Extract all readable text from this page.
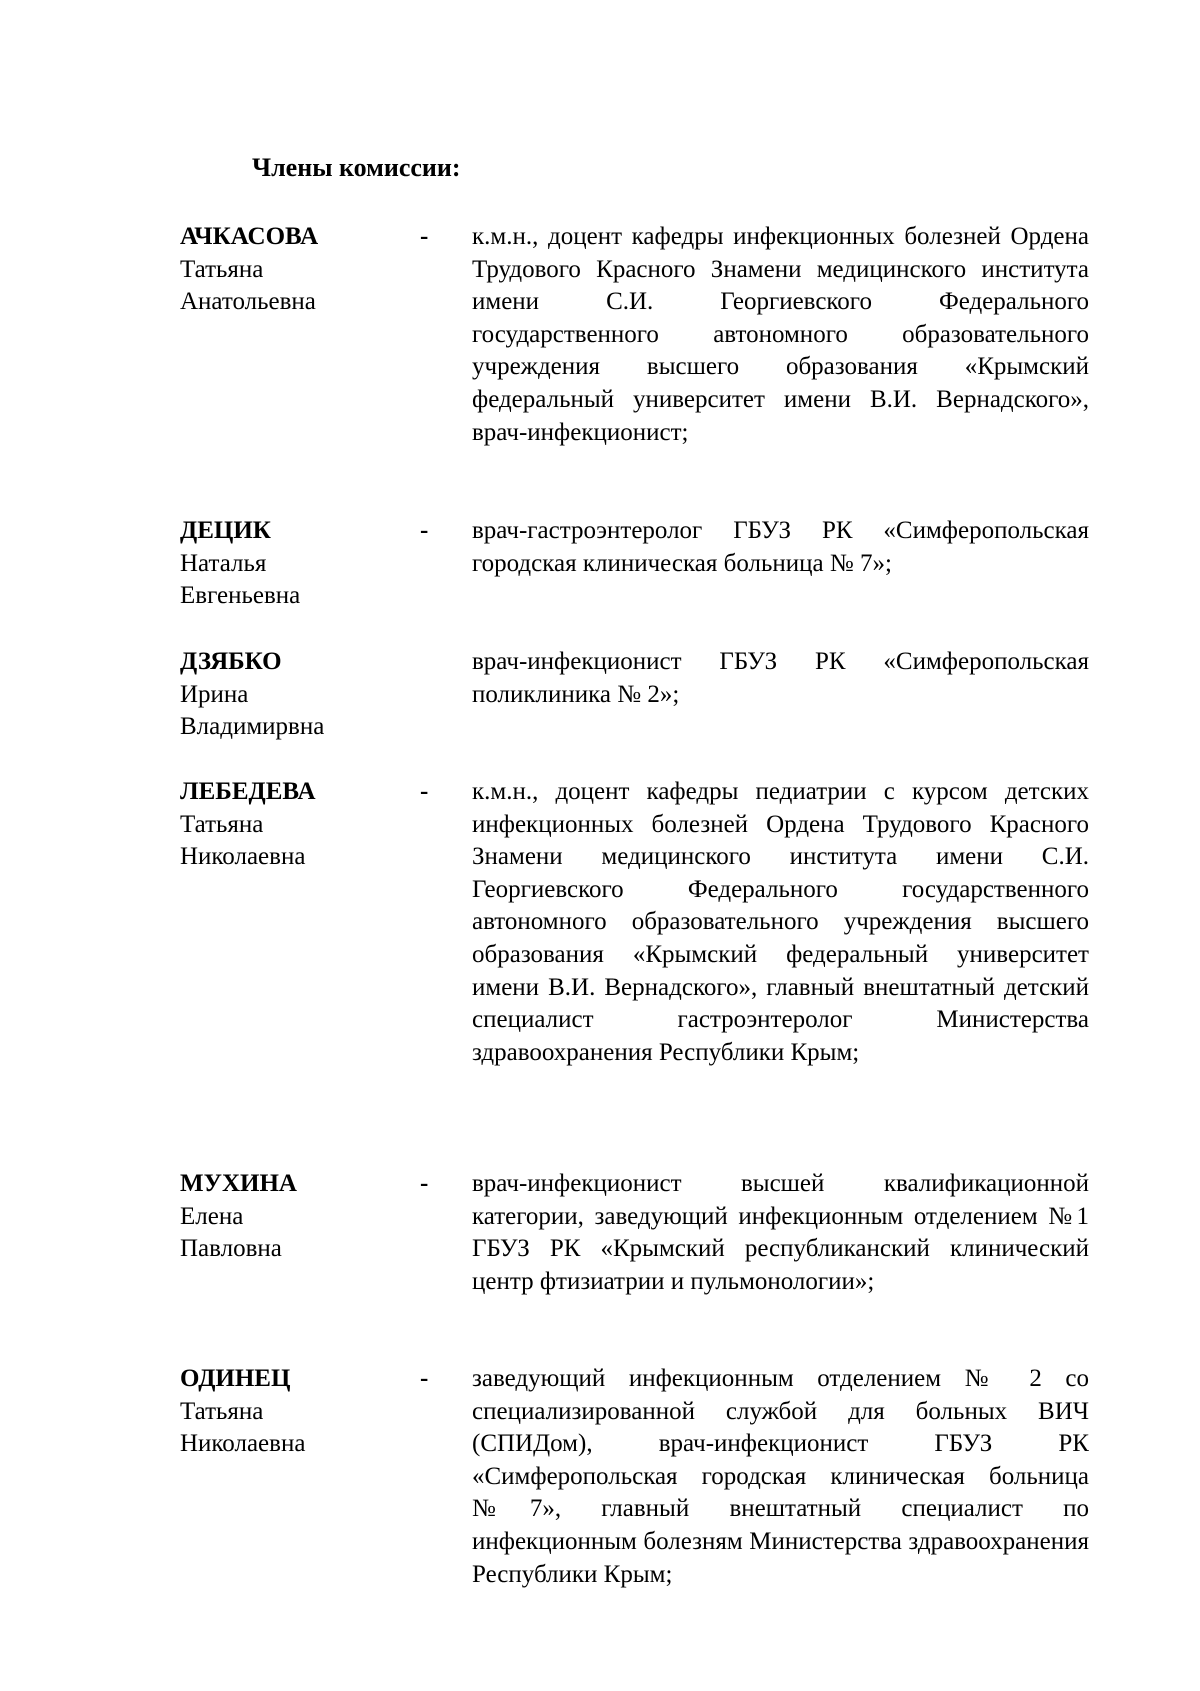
Члены комиссии:
АЧКАСОВА
Татьяна
Анатольевна
- к.м.н., доцент кафедры инфекционных болезней Ордена Трудового Красного Знамени медицинского института имени С.И. Георгиевского Федерального государственного автономного образовательного учреждения высшего образования «Крымский федеральный университет имени В.И. Вернадского», врач-инфекционист;
ДЕЦИК
Наталья
Евгеньевна
- врач-гастроэнтеролог ГБУЗ РК «Симферопольская городская клиническая больница № 7»;
ДЗЯБКО
Ирина
Владимирвна
врач-инфекционист ГБУЗ РК «Симферопольская поликлиника № 2»;
ЛЕБЕДЕВА
Татьяна
Николаевна
- к.м.н., доцент кафедры педиатрии с курсом детских инфекционных болезней Ордена Трудового Красного Знамени медицинского института имени С.И. Георгиевского Федерального государственного автономного образовательного учреждения высшего образования «Крымский федеральный университет имени В.И. Вернадского», главный внештатный детский специалист гастроэнтеролог Министерства здравоохранения Республики Крым;
МУХИНА
Елена
Павловна
- врач-инфекционист высшей квалификационной категории, заведующий инфекционным отделением №1 ГБУЗ РК «Крымский республиканский клинический центр фтизиатрии и пульмонологии»;
ОДИНЕЦ
Татьяна
Николаевна
- заведующий инфекционным отделением № 2 со специализированной службой для больных ВИЧ (СПИДом), врач-инфекционист ГБУЗ РК «Симферопольская городская клиническая больница №7», главный внештатный специалист по инфекционным болезням Министерства здравоохранения Республики Крым;
